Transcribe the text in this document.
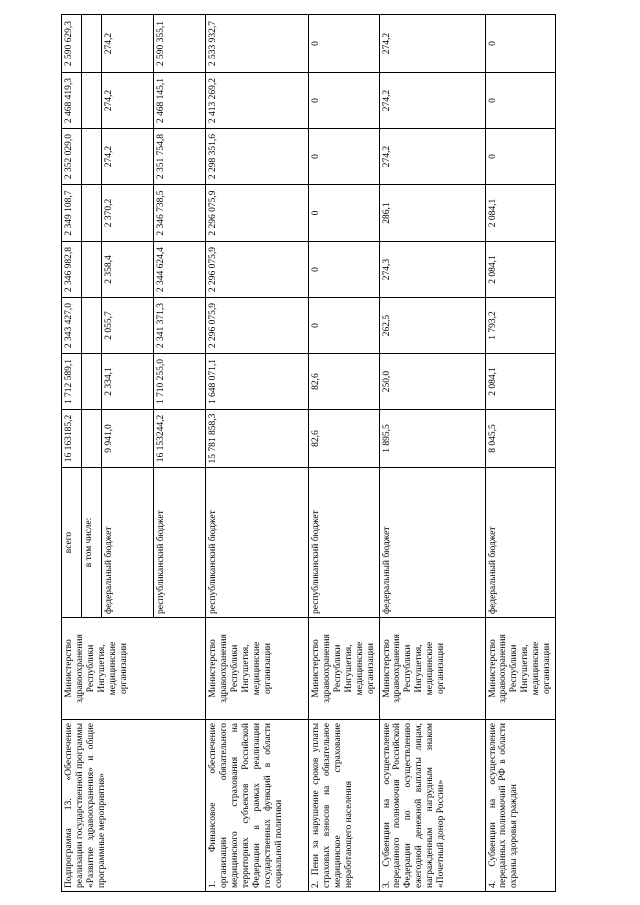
Подпрограмма 13. «Обеспечение реализации государственной программы «Развитие здравоохранения» и общие программные мероприятия»	Министерство здравоохранения Республики Ингушетия, медицинские организации	всего	16 163185,2	1 712 589,1	2 343 427,0	2 346 982,8	2 349 108,7	2 352 029,0	2 468 419,3	2 590 629,3
		в том числе:								
		федеральный бюджет	9 941,0	2 334,1	2 055,7	2 358,4	2 370,2	274,2	274,2	274,2
		республиканский бюджет	16 153244,2	1 710 255,0	2 341 371,3	2 344 624,4	2 346 738,5	2 351 754,8	2 468 145,1	2 590 355,1
1. Финансовое обеспечение организации обязательного медицинского страхования на территориях субъектов Российской Федерации в рамках реализации государственных функций в области социальной политики	Министерство здравоохранения Республики Ингушетия, медицинские организации	республиканский бюджет	15 781 858,3	1 648 071,1	2 296 075,9	2 296 075,9	2 296 075,9	2 298 351,6	2 413 269,2	2 533 932,7
2. Пени за нарушение сроков уплаты страховых взносов на обязательное медицинское страхование неработающего населения	Министерство здравоохранения Республики Ингушетия, медицинские организации	республиканский бюджет	82,6	82,6	0	0	0	0	0	0
3. Субвенции на осуществление переданного полномочия Российской Федерации по осуществлению ежегодной денежной выплаты лицам, награжденным нагрудным знаком «Почетный донор России»	Министерство здравоохранения Республики Ингушетия, медицинские организации	федеральный бюджет	1 895,5	250,0	262,5	274,3	286,1	274,2	274,2	274,2
4. Субвенции на осуществление переданных полномочий РФ в области охраны здоровья граждан	Министерство здравоохранения Республики Ингушетия, медицинские организации	федеральный бюджет	8 045,5	2 084,1	1 793,2	2 084,1	2 084,1	0	0	0
